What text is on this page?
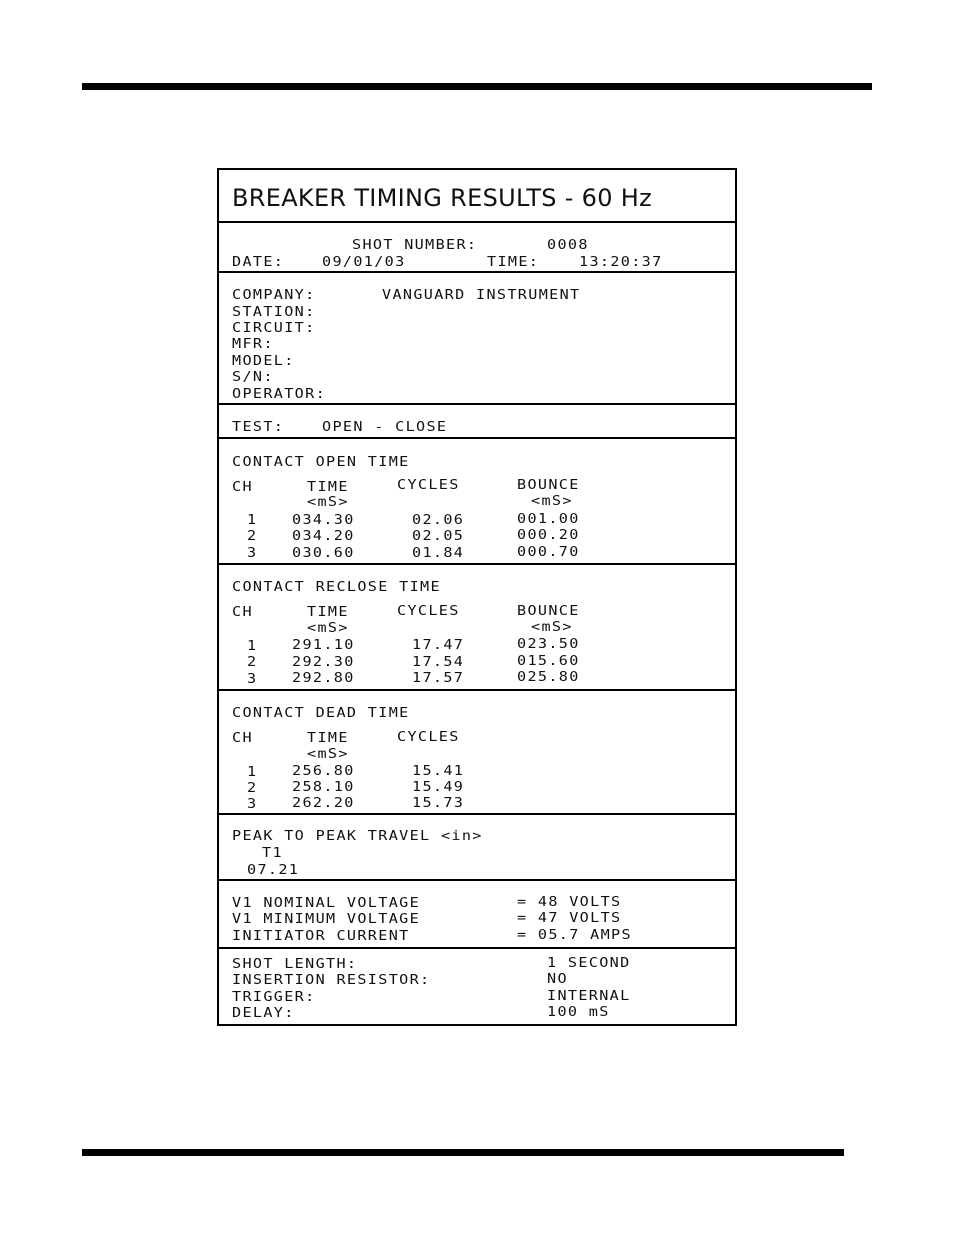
BREAKER TIMING RESULTS - 60 Hz
SHOT NUMBER:	0008
DATE:	09/01/03	TIME:	13:20:37
COMPANY:	VANGUARD INSTRUMENT
STATION:
CIRCUIT:
MFR:
MODEL:
S/N:
OPERATOR:
TEST:	OPEN - CLOSE
CONTACT OPEN TIME
CH	TIME	CYCLES	BOUNCE
<mS>	<mS>
1	034.30	02.06	001.00
2	034.20	02.05	000.20
3	030.60	01.84	000.70
CONTACT RECLOSE TIME
CH	TIME	CYCLES	BOUNCE
<mS>	<mS>
1	291.10	17.47	023.50
2	292.30	17.54	015.60
3	292.80	17.57	025.80
CONTACT DEAD TIME
CH	TIME	CYCLES
<mS>
1	256.80	15.41
2	258.10	15.49
3	262.20	15.73
PEAK TO PEAK TRAVEL <in>
T1
07.21
V1 NOMINAL VOLTAGE	= 48 VOLTS
V1 MINIMUM VOLTAGE	= 47 VOLTS
INITIATOR CURRENT	= 05.7 AMPS
SHOT LENGTH:	1 SECOND
INSERTION RESISTOR:	NO
TRIGGER:	INTERNAL
DELAY:	100 mS
